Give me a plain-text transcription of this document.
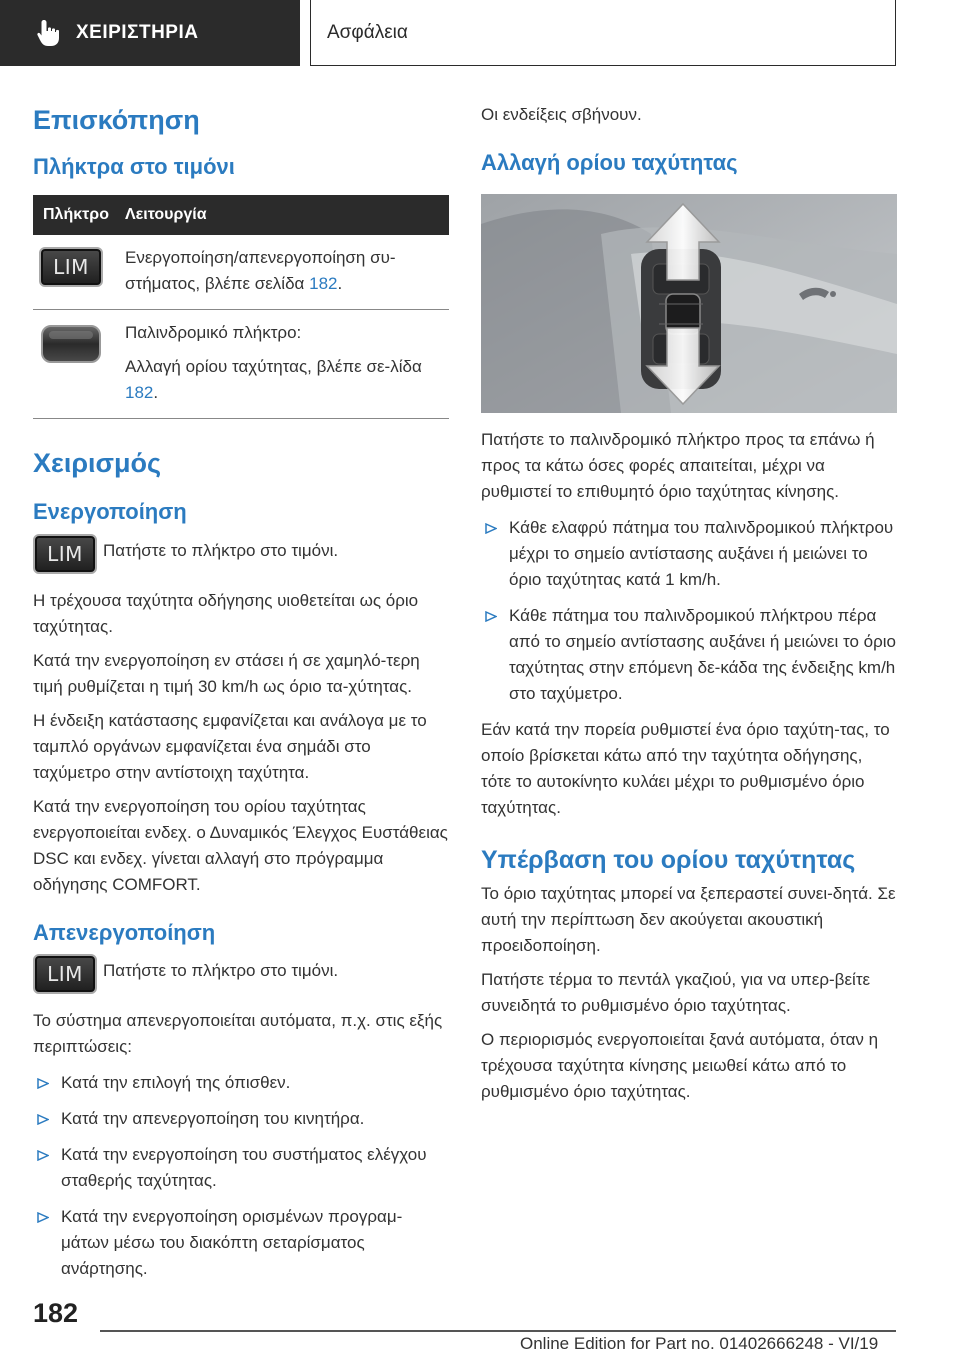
ΧΕΙΡΙΣΤΗΡΙΑ	Ασφάλεια
Επισκόπηση
Πλήκτρα στο τιμόνι
Πλήκτρο	Λειτουργία

LIM	Ενεργοποίηση/απενεργοποίηση συ-στήματος, βλέπε σελίδα 182.

Παλινδρομικό πλήκτρο:
Αλλαγή ορίου ταχύτητας, βλέπε σε-λίδα 182.
Χειρισμός
Ενεργοποίηση
LIM	Πατήστε το πλήκτρο στο τιμόνι.

Η τρέχουσα ταχύτητα οδήγησης υιοθετείται ως όριο ταχύτητας.

Κατά την ενεργοποίηση εν στάσει ή σε χαμηλό-τερη τιμή ρυθμίζεται η τιμή 30 km/h ως όριο τα-χύτητας.

Η ένδειξη κατάστασης εμφανίζεται και ανάλογα με το ταμπλό οργάνων εμφανίζεται ένα σημάδι στο ταχύμετρο στην αντίστοιχη ταχύτητα.

Κατά την ενεργοποίηση του ορίου ταχύτητας ενεργοποιείται ενδεχ. ο Δυναμικός Έλεγχος Ευστάθειας DSC και ενδεχ. γίνεται αλλαγή στο πρόγραμμα οδήγησης COMFORT.

Απενεργοποίηση
LIM	Πατήστε το πλήκτρο στο τιμόνι.

Το σύστημα απενεργοποιείται αυτόματα, π.χ. στις εξής περιπτώσεις:

Κατά την επιλογή της όπισθεν.
Κατά την απενεργοποίηση του κινητήρα.
Κατά την ενεργοποίηση του συστήματος ελέγχου σταθερής ταχύτητας.
Κατά την ενεργοποίηση ορισμένων προγραμ-μάτων μέσω του διακόπτη σεταρίσματος ανάρτησης.

Οι ενδείξεις σβήνουν.

Αλλαγή ορίου ταχύτητας

Πατήστε το παλινδρομικό πλήκτρο προς τα επάνω ή προς τα κάτω όσες φορές απαιτείται, μέχρι να ρυθμιστεί το επιθυμητό όριο ταχύτητας κίνησης.

Κάθε ελαφρύ πάτημα του παλινδρομικού πλήκτρου μέχρι το σημείο αντίστασης αυξάνει ή μειώνει το όριο ταχύτητας κατά 1 km/h.
Κάθε πάτημα του παλινδρομικού πλήκτρου πέρα από το σημείο αντίστασης αυξάνει ή μειώνει το όριο ταχύτητας στην επόμενη δε-κάδα της ένδειξης km/h στο ταχύμετρο.

Εάν κατά την πορεία ρυθμιστεί ένα όριο ταχύτη-τας, το οποίο βρίσκεται κάτω από την ταχύτητα οδήγησης, τότε το αυτοκίνητο κυλάει μέχρι το ρυθμισμένο όριο ταχύτητας.

Υπέρβαση του ορίου ταχύτητας

Το όριο ταχύτητας μπορεί να ξεπεραστεί συνει-δητά. Σε αυτή την περίπτωση δεν ακούγεται ακουστική προειδοποίηση.

Πατήστε τέρμα το πεντάλ γκαζιού, για να υπερ-βείτε συνειδητά το ρυθμισμένο όριο ταχύτητας.

Ο περιορισμός ενεργοποιείται ξανά αυτόματα, όταν η τρέχουσα ταχύτητα κίνησης μειωθεί κάτω από το ρυθμισμένο όριο ταχύτητας.

182
Online Edition for Part no. 01402666248 - VI/19
